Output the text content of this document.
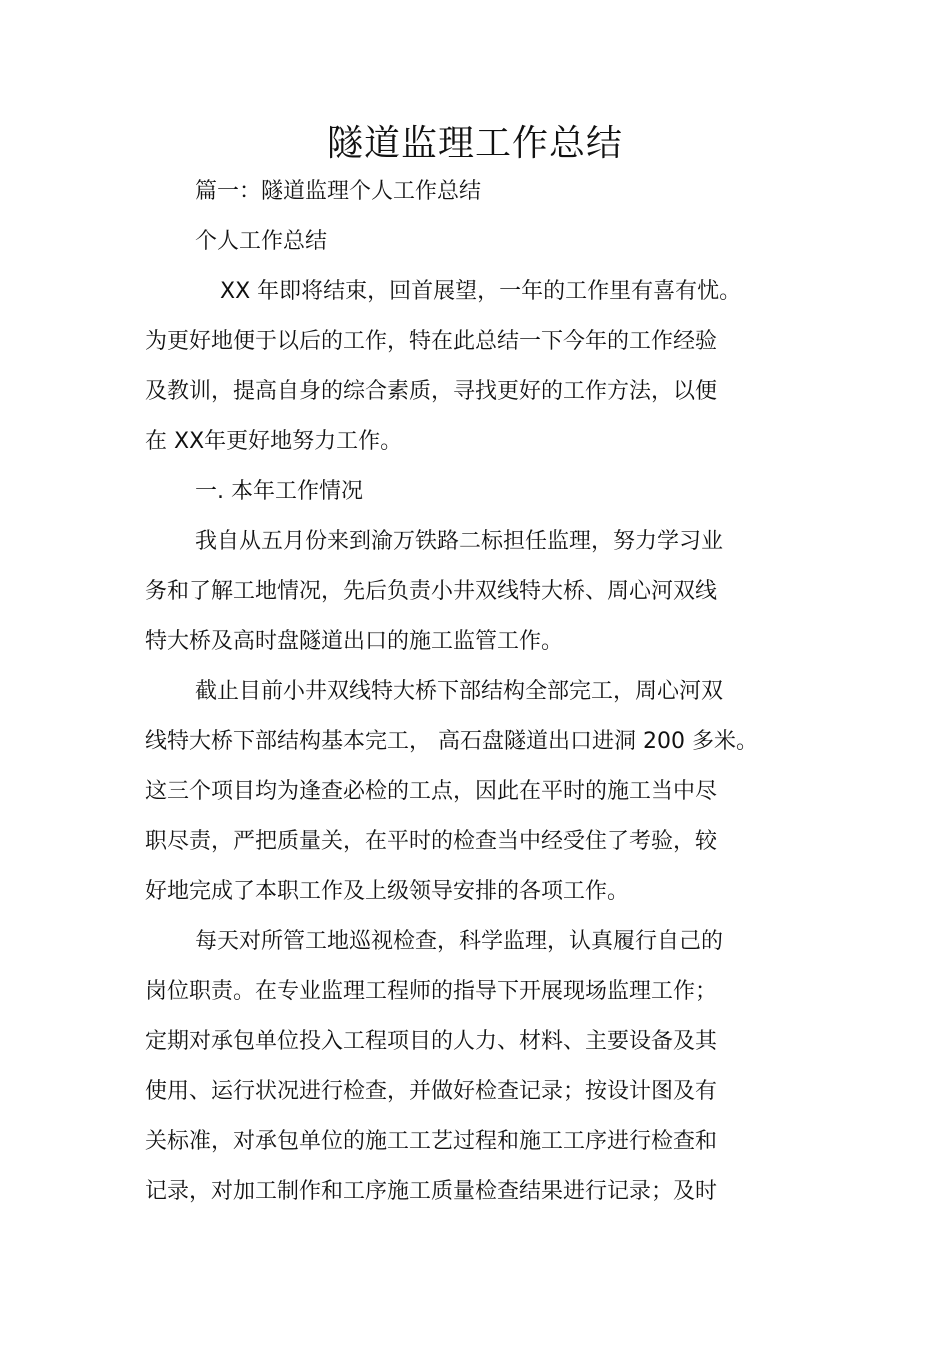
隧道监理工作总结
篇一：隧道监理个人工作总结
个人工作总结
XX 年即将结束，回首展望，一年的工作里有喜有忧。
为更好地便于以后的工作，特在此总结一下今年的工作经验
及教训，提高自身的综合素质，寻找更好的工作方法，以便
在 XX年更好地努力工作。
一. 本年工作情况
我自从五月份来到渝万铁路二标担任监理，努力学习业
务和了解工地情况，先后负责小井双线特大桥、周心河双线
特大桥及高时盘隧道出口的施工监管工作。
截止目前小井双线特大桥下部结构全部完工，周心河双
线特大桥下部结构基本完工， 高石盘隧道出口进洞 200 多米。
这三个项目均为逢查必检的工点，因此在平时的施工当中尽
职尽责，严把质量关，在平时的检查当中经受住了考验，较
好地完成了本职工作及上级领导安排的各项工作。
每天对所管工地巡视检查，科学监理，认真履行自己的
岗位职责。在专业监理工程师的指导下开展现场监理工作；
定期对承包单位投入工程项目的人力、材料、主要设备及其
使用、运行状况进行检查，并做好检查记录；按设计图及有
关标准，对承包单位的施工工艺过程和施工工序进行检查和
记录，对加工制作和工序施工质量检查结果进行记录；及时
